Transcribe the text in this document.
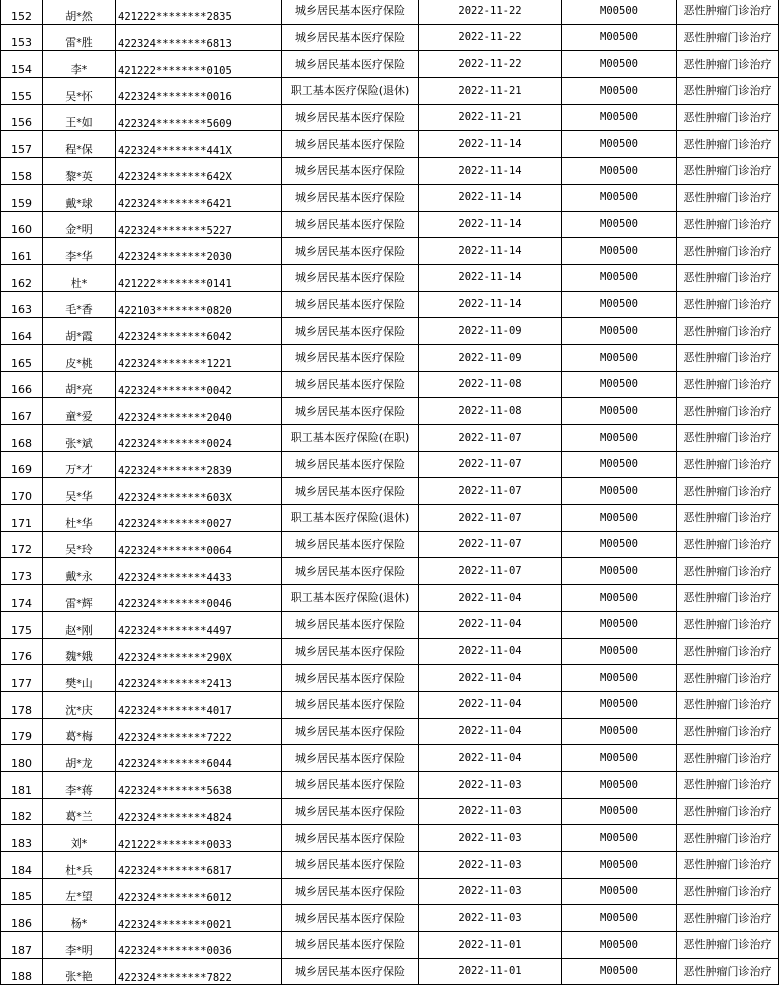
152	胡*然	421222********2835	城乡居民基本医疗保险	2022-11-22	M00500	恶性肿瘤门诊治疗
153	雷*胜	422324********6813	城乡居民基本医疗保险	2022-11-22	M00500	恶性肿瘤门诊治疗
154	李*	421222********0105	城乡居民基本医疗保险	2022-11-22	M00500	恶性肿瘤门诊治疗
155	吴*怀	422324********0016	职工基本医疗保险(退休)	2022-11-21	M00500	恶性肿瘤门诊治疗
156	王*如	422324********5609	城乡居民基本医疗保险	2022-11-21	M00500	恶性肿瘤门诊治疗
157	程*保	422324********441X	城乡居民基本医疗保险	2022-11-14	M00500	恶性肿瘤门诊治疗
158	黎*英	422324********642X	城乡居民基本医疗保险	2022-11-14	M00500	恶性肿瘤门诊治疗
159	戴*球	422324********6421	城乡居民基本医疗保险	2022-11-14	M00500	恶性肿瘤门诊治疗
160	金*明	422324********5227	城乡居民基本医疗保险	2022-11-14	M00500	恶性肿瘤门诊治疗
161	李*华	422324********2030	城乡居民基本医疗保险	2022-11-14	M00500	恶性肿瘤门诊治疗
162	杜*	421222********0141	城乡居民基本医疗保险	2022-11-14	M00500	恶性肿瘤门诊治疗
163	毛*香	422103********0820	城乡居民基本医疗保险	2022-11-14	M00500	恶性肿瘤门诊治疗
164	胡*霞	422324********6042	城乡居民基本医疗保险	2022-11-09	M00500	恶性肿瘤门诊治疗
165	皮*桃	422324********1221	城乡居民基本医疗保险	2022-11-09	M00500	恶性肿瘤门诊治疗
166	胡*亮	422324********0042	城乡居民基本医疗保险	2022-11-08	M00500	恶性肿瘤门诊治疗
167	童*爱	422324********2040	城乡居民基本医疗保险	2022-11-08	M00500	恶性肿瘤门诊治疗
168	张*斌	422324********0024	职工基本医疗保险(在职)	2022-11-07	M00500	恶性肿瘤门诊治疗
169	万*才	422324********2839	城乡居民基本医疗保险	2022-11-07	M00500	恶性肿瘤门诊治疗
170	吴*华	422324********603X	城乡居民基本医疗保险	2022-11-07	M00500	恶性肿瘤门诊治疗
171	杜*华	422324********0027	职工基本医疗保险(退休)	2022-11-07	M00500	恶性肿瘤门诊治疗
172	吴*玲	422324********0064	城乡居民基本医疗保险	2022-11-07	M00500	恶性肿瘤门诊治疗
173	戴*永	422324********4433	城乡居民基本医疗保险	2022-11-07	M00500	恶性肿瘤门诊治疗
174	雷*辉	422324********0046	职工基本医疗保险(退休)	2022-11-04	M00500	恶性肿瘤门诊治疗
175	赵*刚	422324********4497	城乡居民基本医疗保险	2022-11-04	M00500	恶性肿瘤门诊治疗
176	魏*娥	422324********290X	城乡居民基本医疗保险	2022-11-04	M00500	恶性肿瘤门诊治疗
177	樊*山	422324********2413	城乡居民基本医疗保险	2022-11-04	M00500	恶性肿瘤门诊治疗
178	沈*庆	422324********4017	城乡居民基本医疗保险	2022-11-04	M00500	恶性肿瘤门诊治疗
179	葛*梅	422324********7222	城乡居民基本医疗保险	2022-11-04	M00500	恶性肿瘤门诊治疗
180	胡*龙	422324********6044	城乡居民基本医疗保险	2022-11-04	M00500	恶性肿瘤门诊治疗
181	李*蒋	422324********5638	城乡居民基本医疗保险	2022-11-03	M00500	恶性肿瘤门诊治疗
182	葛*兰	422324********4824	城乡居民基本医疗保险	2022-11-03	M00500	恶性肿瘤门诊治疗
183	刘*	421222********0033	城乡居民基本医疗保险	2022-11-03	M00500	恶性肿瘤门诊治疗
184	杜*兵	422324********6817	城乡居民基本医疗保险	2022-11-03	M00500	恶性肿瘤门诊治疗
185	左*望	422324********6012	城乡居民基本医疗保险	2022-11-03	M00500	恶性肿瘤门诊治疗
186	杨*	422324********0021	城乡居民基本医疗保险	2022-11-03	M00500	恶性肿瘤门诊治疗
187	李*明	422324********0036	城乡居民基本医疗保险	2022-11-01	M00500	恶性肿瘤门诊治疗
188	张*艳	422324********7822	城乡居民基本医疗保险	2022-11-01	M00500	恶性肿瘤门诊治疗
